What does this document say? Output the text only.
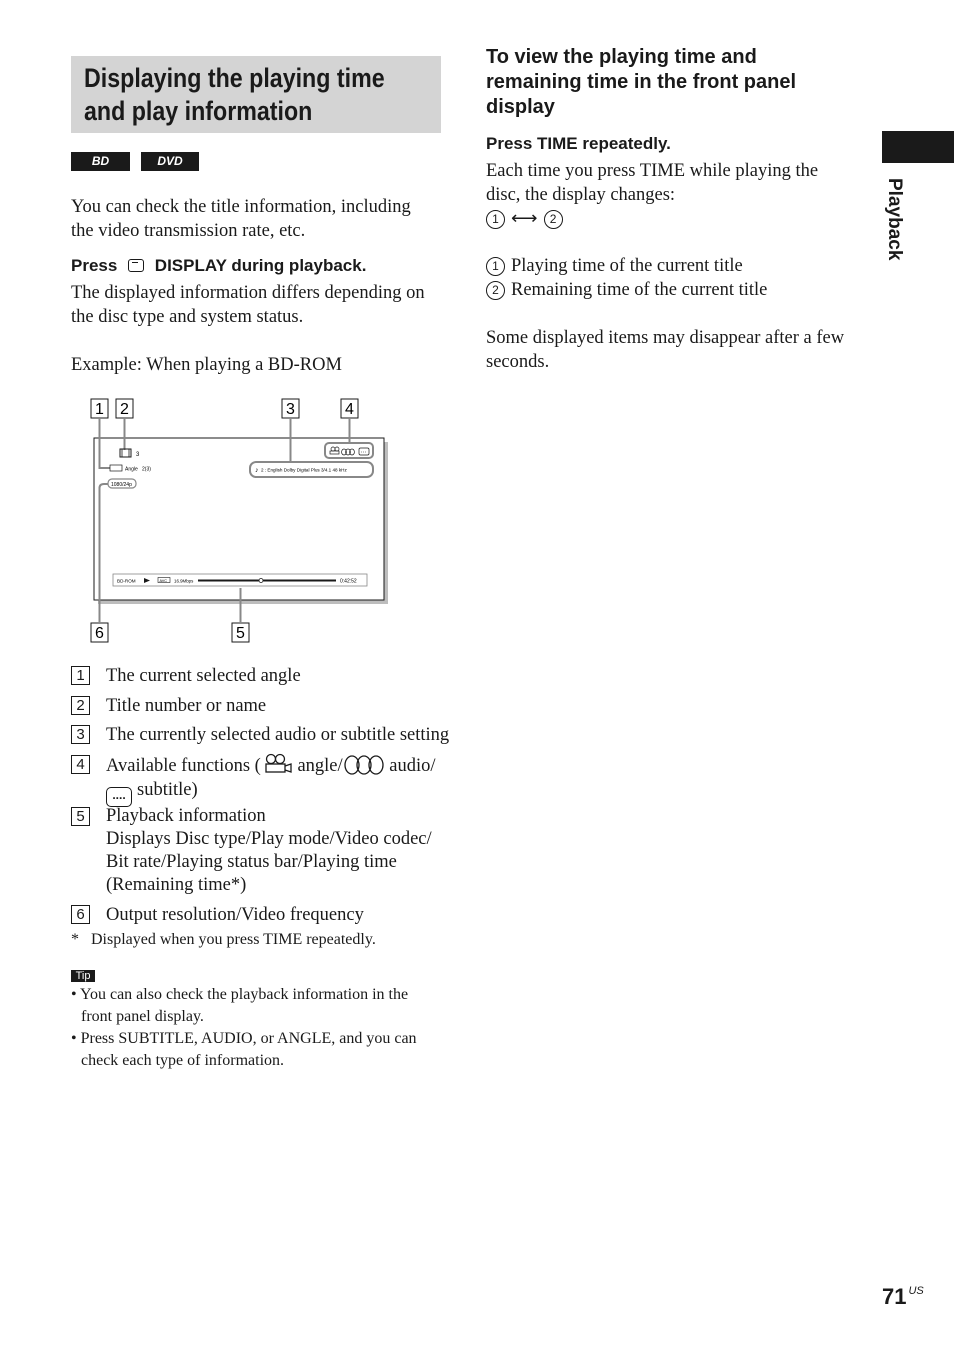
Displaying the playing time
and play information
BD	DVD
You can check the title information, including
the video transmission rate, etc.
Press DISPLAY during playback.
The displayed information differs depending on
the disc type and system status.
Example: When playing a BD-ROM
1 2	3	4
6	5
3
Angle 2(3)
1080/24p
♪ 2 : English Dolby Digital Plus 3/4.1 48 kHz
BD-ROM	AVC 16.9Mbps	0:42:52
1 The current selected angle
2 Title number or name
3 The currently selected audio or subtitle setting
4 Available functions ( angle/	audio/
.... subtitle)
5 Playback information
Displays Disc type/Play mode/Video codec/
Bit rate/Playing status bar/Playing time
(Remaining time*)
6 Output resolution/Video frequency
*   Displayed when you press TIME repeatedly.
Tip
• You can also check the playback information in the
front panel display.
• Press SUBTITLE, AUDIO, or ANGLE, and you can
check each type of information.
To view the playing time and
remaining time in the front panel
display
Press TIME repeatedly.
Each time you press TIME while playing the
disc, the display changes:
1 ⟷ 2
1 Playing time of the current title
2 Remaining time of the current title
Some displayed items may disappear after a few
seconds.
Playback
71 $^{US}$
